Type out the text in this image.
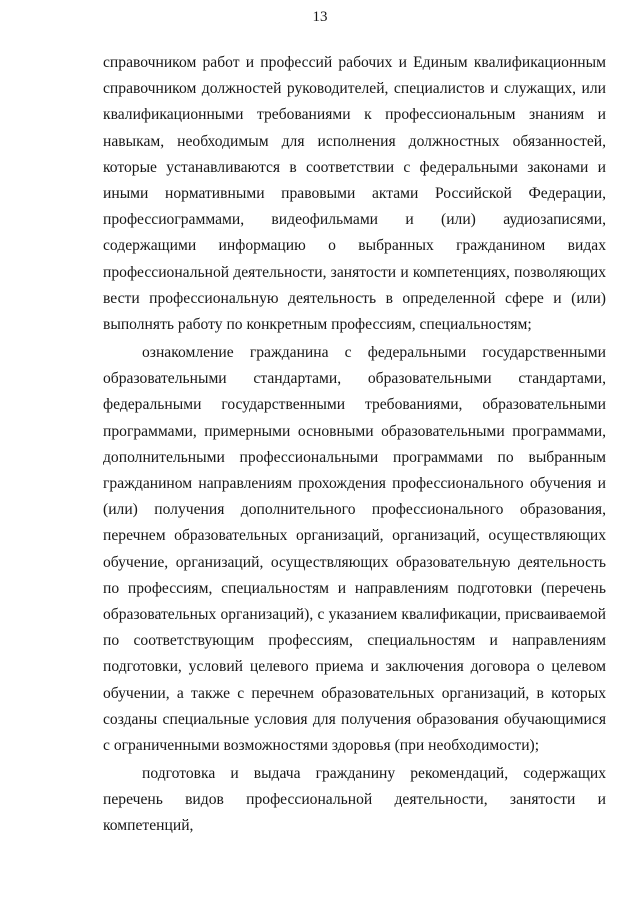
13

справочником работ и профессий рабочих и Единым квалификационным справочником должностей руководителей, специалистов и служащих, или квалификационными требованиями к профессиональным знаниям и навыкам, необходимым для исполнения должностных обязанностей, которые устанавливаются в соответствии с федеральными законами и иными нормативными правовыми актами Российской Федерации, профессиограммами, видеофильмами и (или) аудиозаписями, содержащими информацию о выбранных гражданином видах профессиональной деятельности, занятости и компетенциях, позволяющих вести профессиональную деятельность в определенной сфере и (или) выполнять работу по конкретным профессиям, специальностям;

ознакомление гражданина с федеральными государственными образовательными стандартами, образовательными стандартами, федеральными государственными требованиями, образовательными программами, примерными основными образовательными программами, дополнительными профессиональными программами по выбранным гражданином направлениям прохождения профессионального обучения и (или) получения дополнительного профессионального образования, перечнем образовательных организаций, организаций, осуществляющих обучение, организаций, осуществляющих образовательную деятельность по профессиям, специальностям и направлениям подготовки (перечень образовательных организаций), с указанием квалификации, присваиваемой по соответствующим профессиям, специальностям и направлениям подготовки, условий целевого приема и заключения договора о целевом обучении, а также с перечнем образовательных организаций, в которых созданы специальные условия для получения образования обучающимися с ограниченными возможностями здоровья (при необходимости);

подготовка и выдача гражданину рекомендаций, содержащих перечень видов профессиональной деятельности, занятости и компетенций,
